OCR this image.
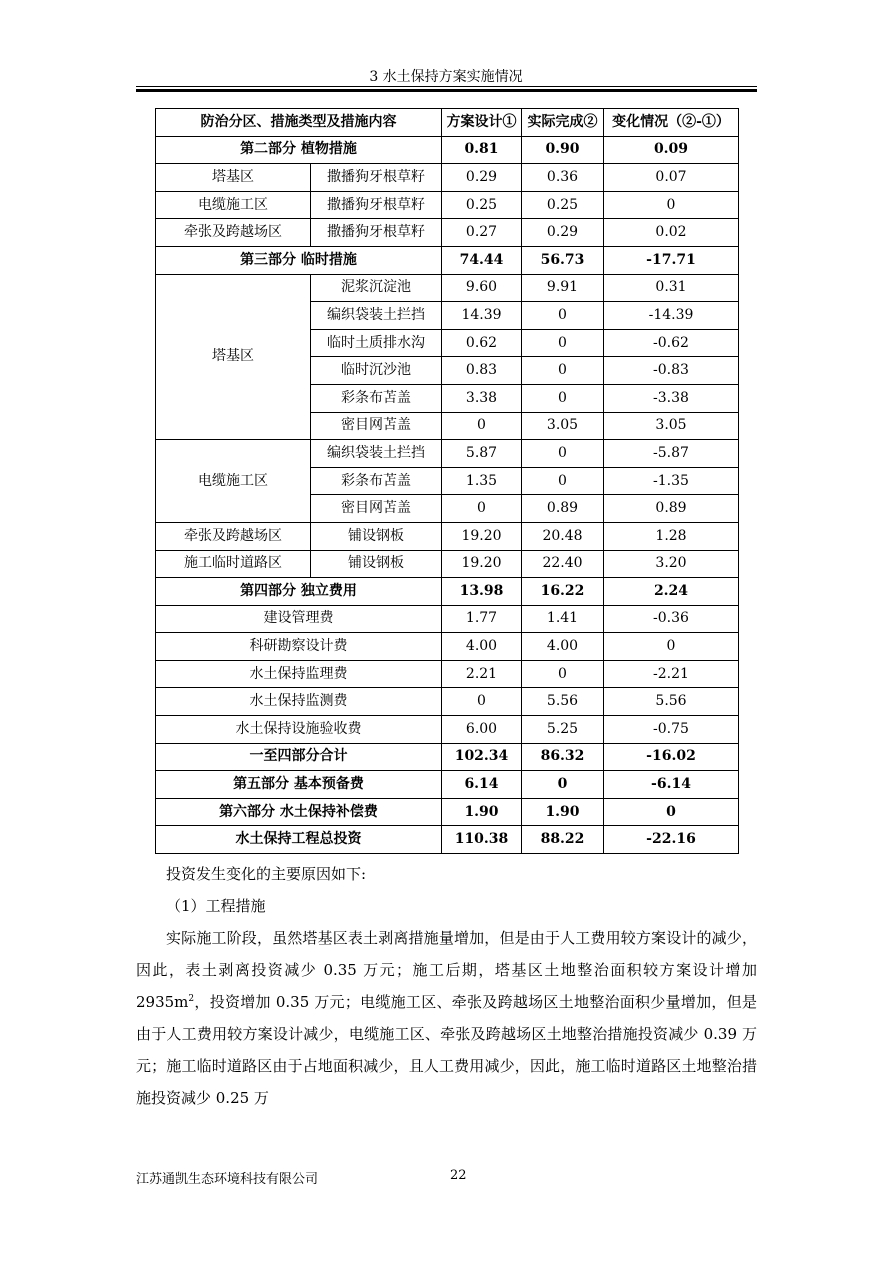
3 水土保持方案实施情况
防治分区、措施类型及措施内容		方案设计①	实际完成②	变化情况（②-①）
第二部分 植物措施		0.81	0.90	0.09
塔基区	撒播狗牙根草籽	0.29	0.36	0.07
电缆施工区	撒播狗牙根草籽	0.25	0.25	0
牵张及跨越场区	撒播狗牙根草籽	0.27	0.29	0.02
第三部分 临时措施		74.44	56.73	-17.71
塔基区	泥浆沉淀池	9.60	9.91	0.31
	编织袋装土拦挡	14.39	0	-14.39
	临时土质排水沟	0.62	0	-0.62
	临时沉沙池	0.83	0	-0.83
	彩条布苫盖	3.38	0	-3.38
	密目网苫盖	0	3.05	3.05
电缆施工区	编织袋装土拦挡	5.87	0	-5.87
	彩条布苫盖	1.35	0	-1.35
	密目网苫盖	0	0.89	0.89
牵张及跨越场区	铺设钢板	19.20	20.48	1.28
施工临时道路区	铺设钢板	19.20	22.40	3.20
第四部分 独立费用		13.98	16.22	2.24
建设管理费		1.77	1.41	-0.36
科研勘察设计费		4.00	4.00	0
水土保持监理费		2.21	0	-2.21
水土保持监测费		0	5.56	5.56
水土保持设施验收费		6.00	5.25	-0.75
一至四部分合计		102.34	86.32	-16.02
第五部分 基本预备费		6.14	0	-6.14
第六部分 水土保持补偿费		1.90	1.90	0
水土保持工程总投资		110.38	88.22	-22.16

投资发生变化的主要原因如下:

（1）工程措施

实际施工阶段，虽然塔基区表土剥离措施量增加，但是由于人工费用较方案设计的减少，因此，表土剥离投资减少 0.35 万元；施工后期，塔基区土地整治面积较方案设计增加 $2935m^2$，投资增加 0.35 万元；电缆施工区、牵张及跨越场区土地整治面积少量增加，但是由于人工费用较方案设计减少，电缆施工区、牵张及跨越场区土地整治措施投资减少 0.39 万元；施工临时道路区由于占地面积减少，且人工费用减少，因此，施工临时道路区土地整治措施投资减少 0.25 万

江苏通凯生态环境科技有限公司	22
